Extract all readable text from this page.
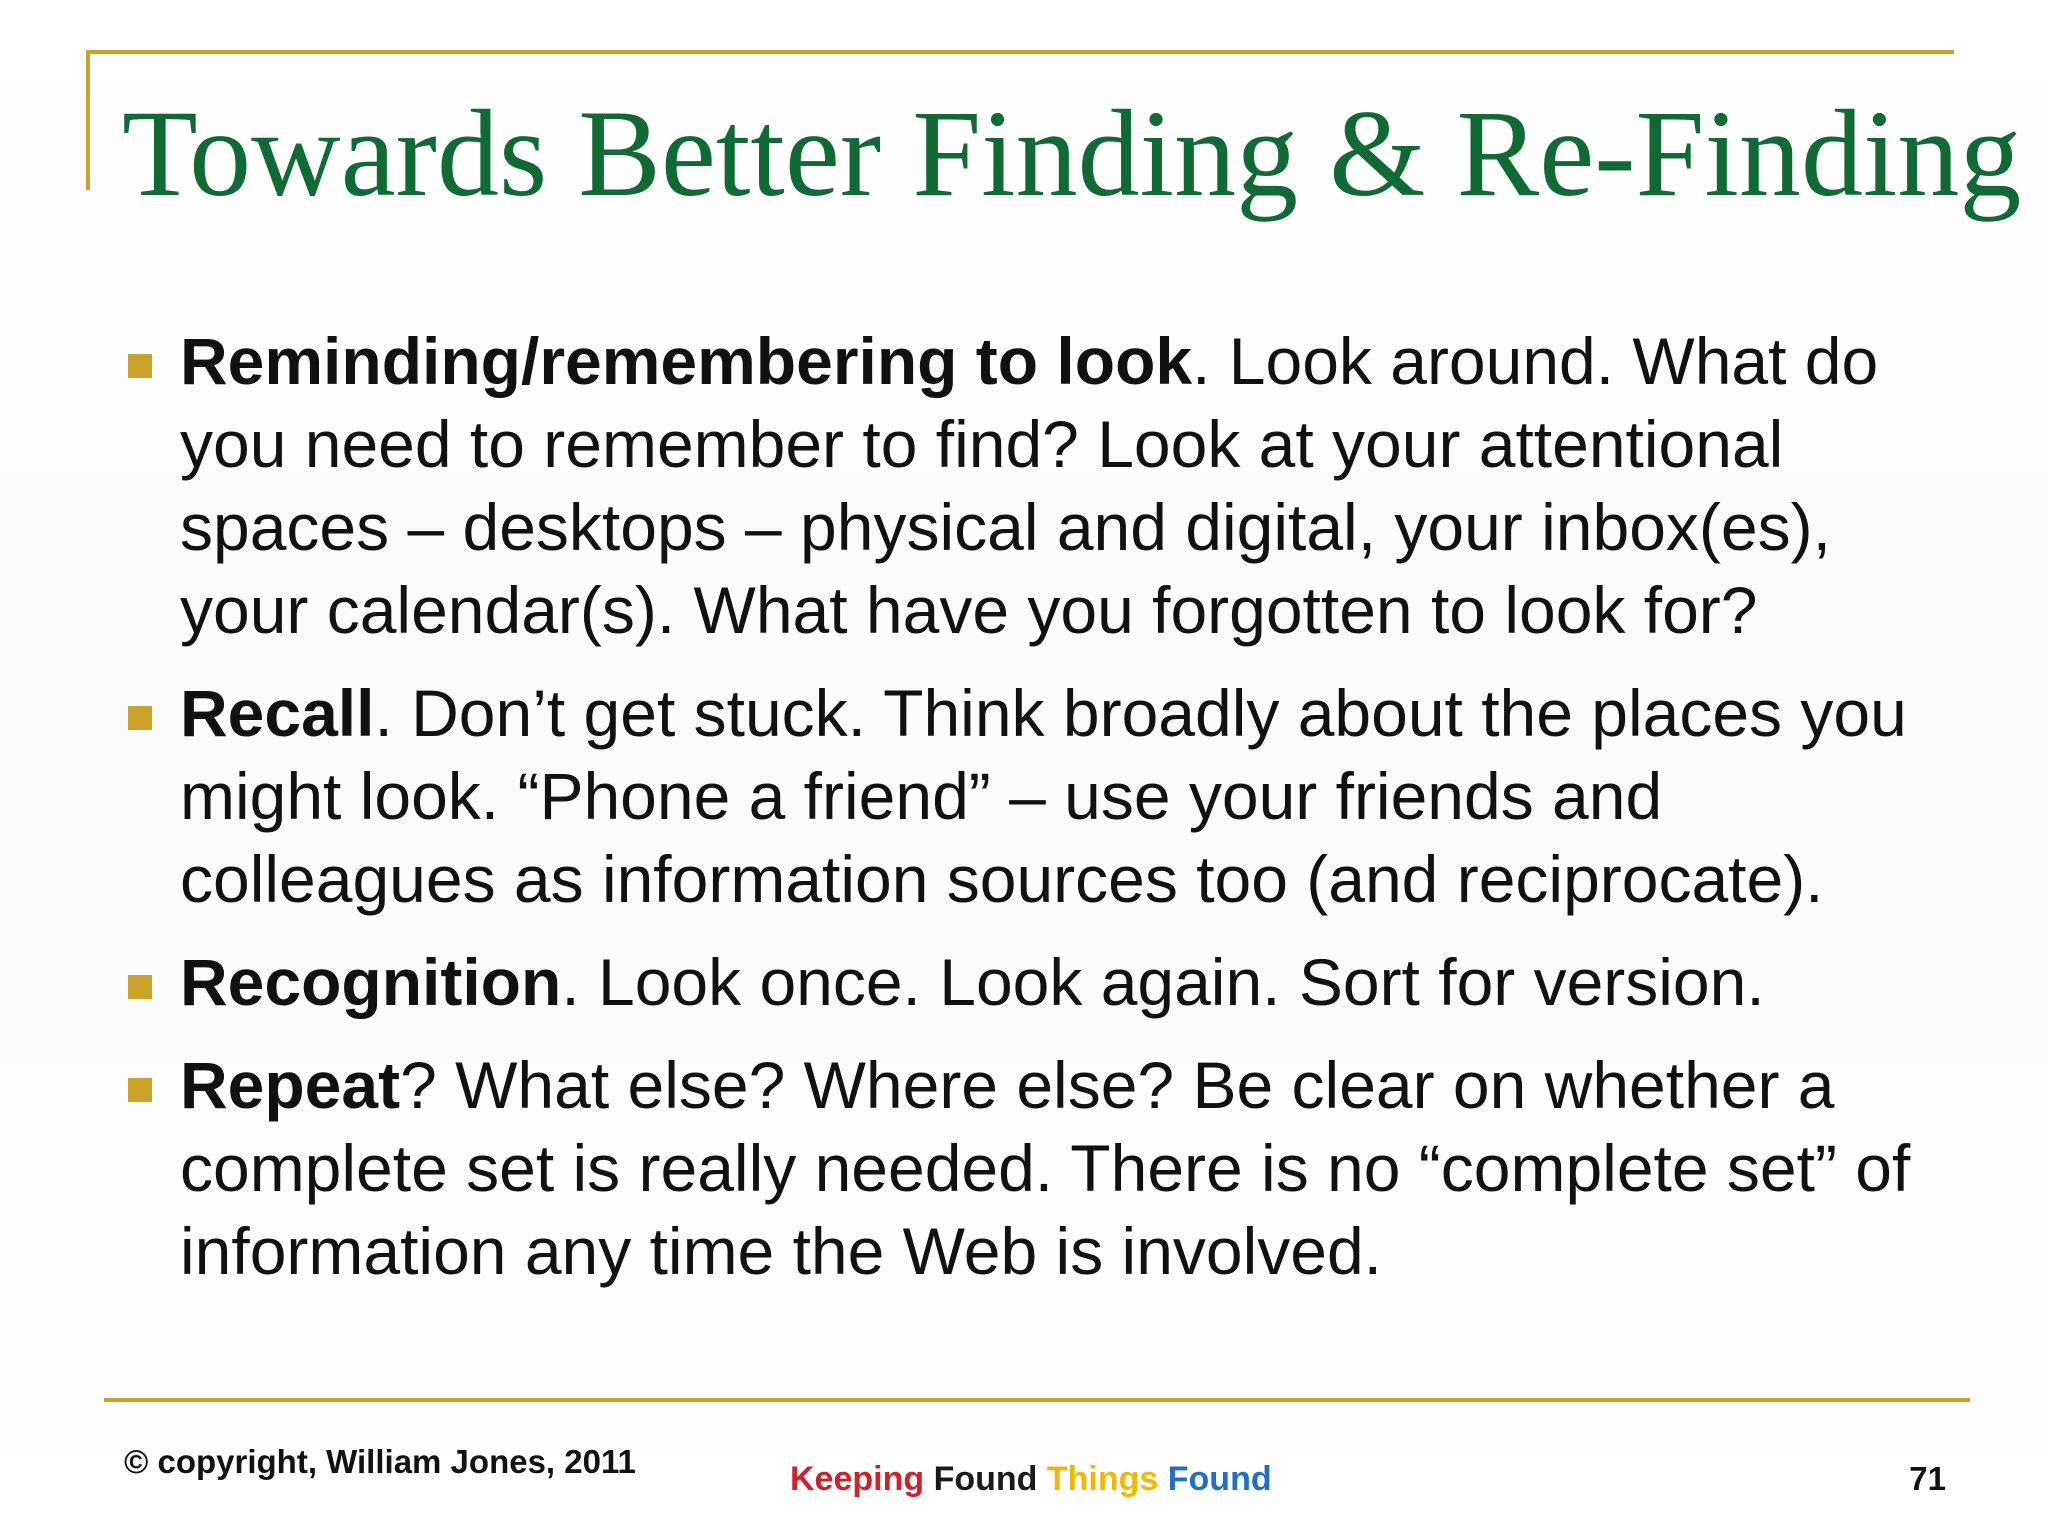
Towards Better Finding & Re-Finding
Reminding/remembering to look. Look around. What do you need to remember to find? Look at your attentional spaces – desktops – physical and digital, your inbox(es), your calendar(s). What have you forgotten to look for?
Recall. Don’t get stuck. Think broadly about the places you might look. “Phone a friend” – use your friends and colleagues as information sources too (and reciprocate).
Recognition. Look once. Look again. Sort for version.
Repeat? What else? Where else? Be clear on whether a complete set is really needed. There is no “complete set” of information any time the Web is involved.
© copyright, William Jones, 2011	Keeping Found Things Found	71
